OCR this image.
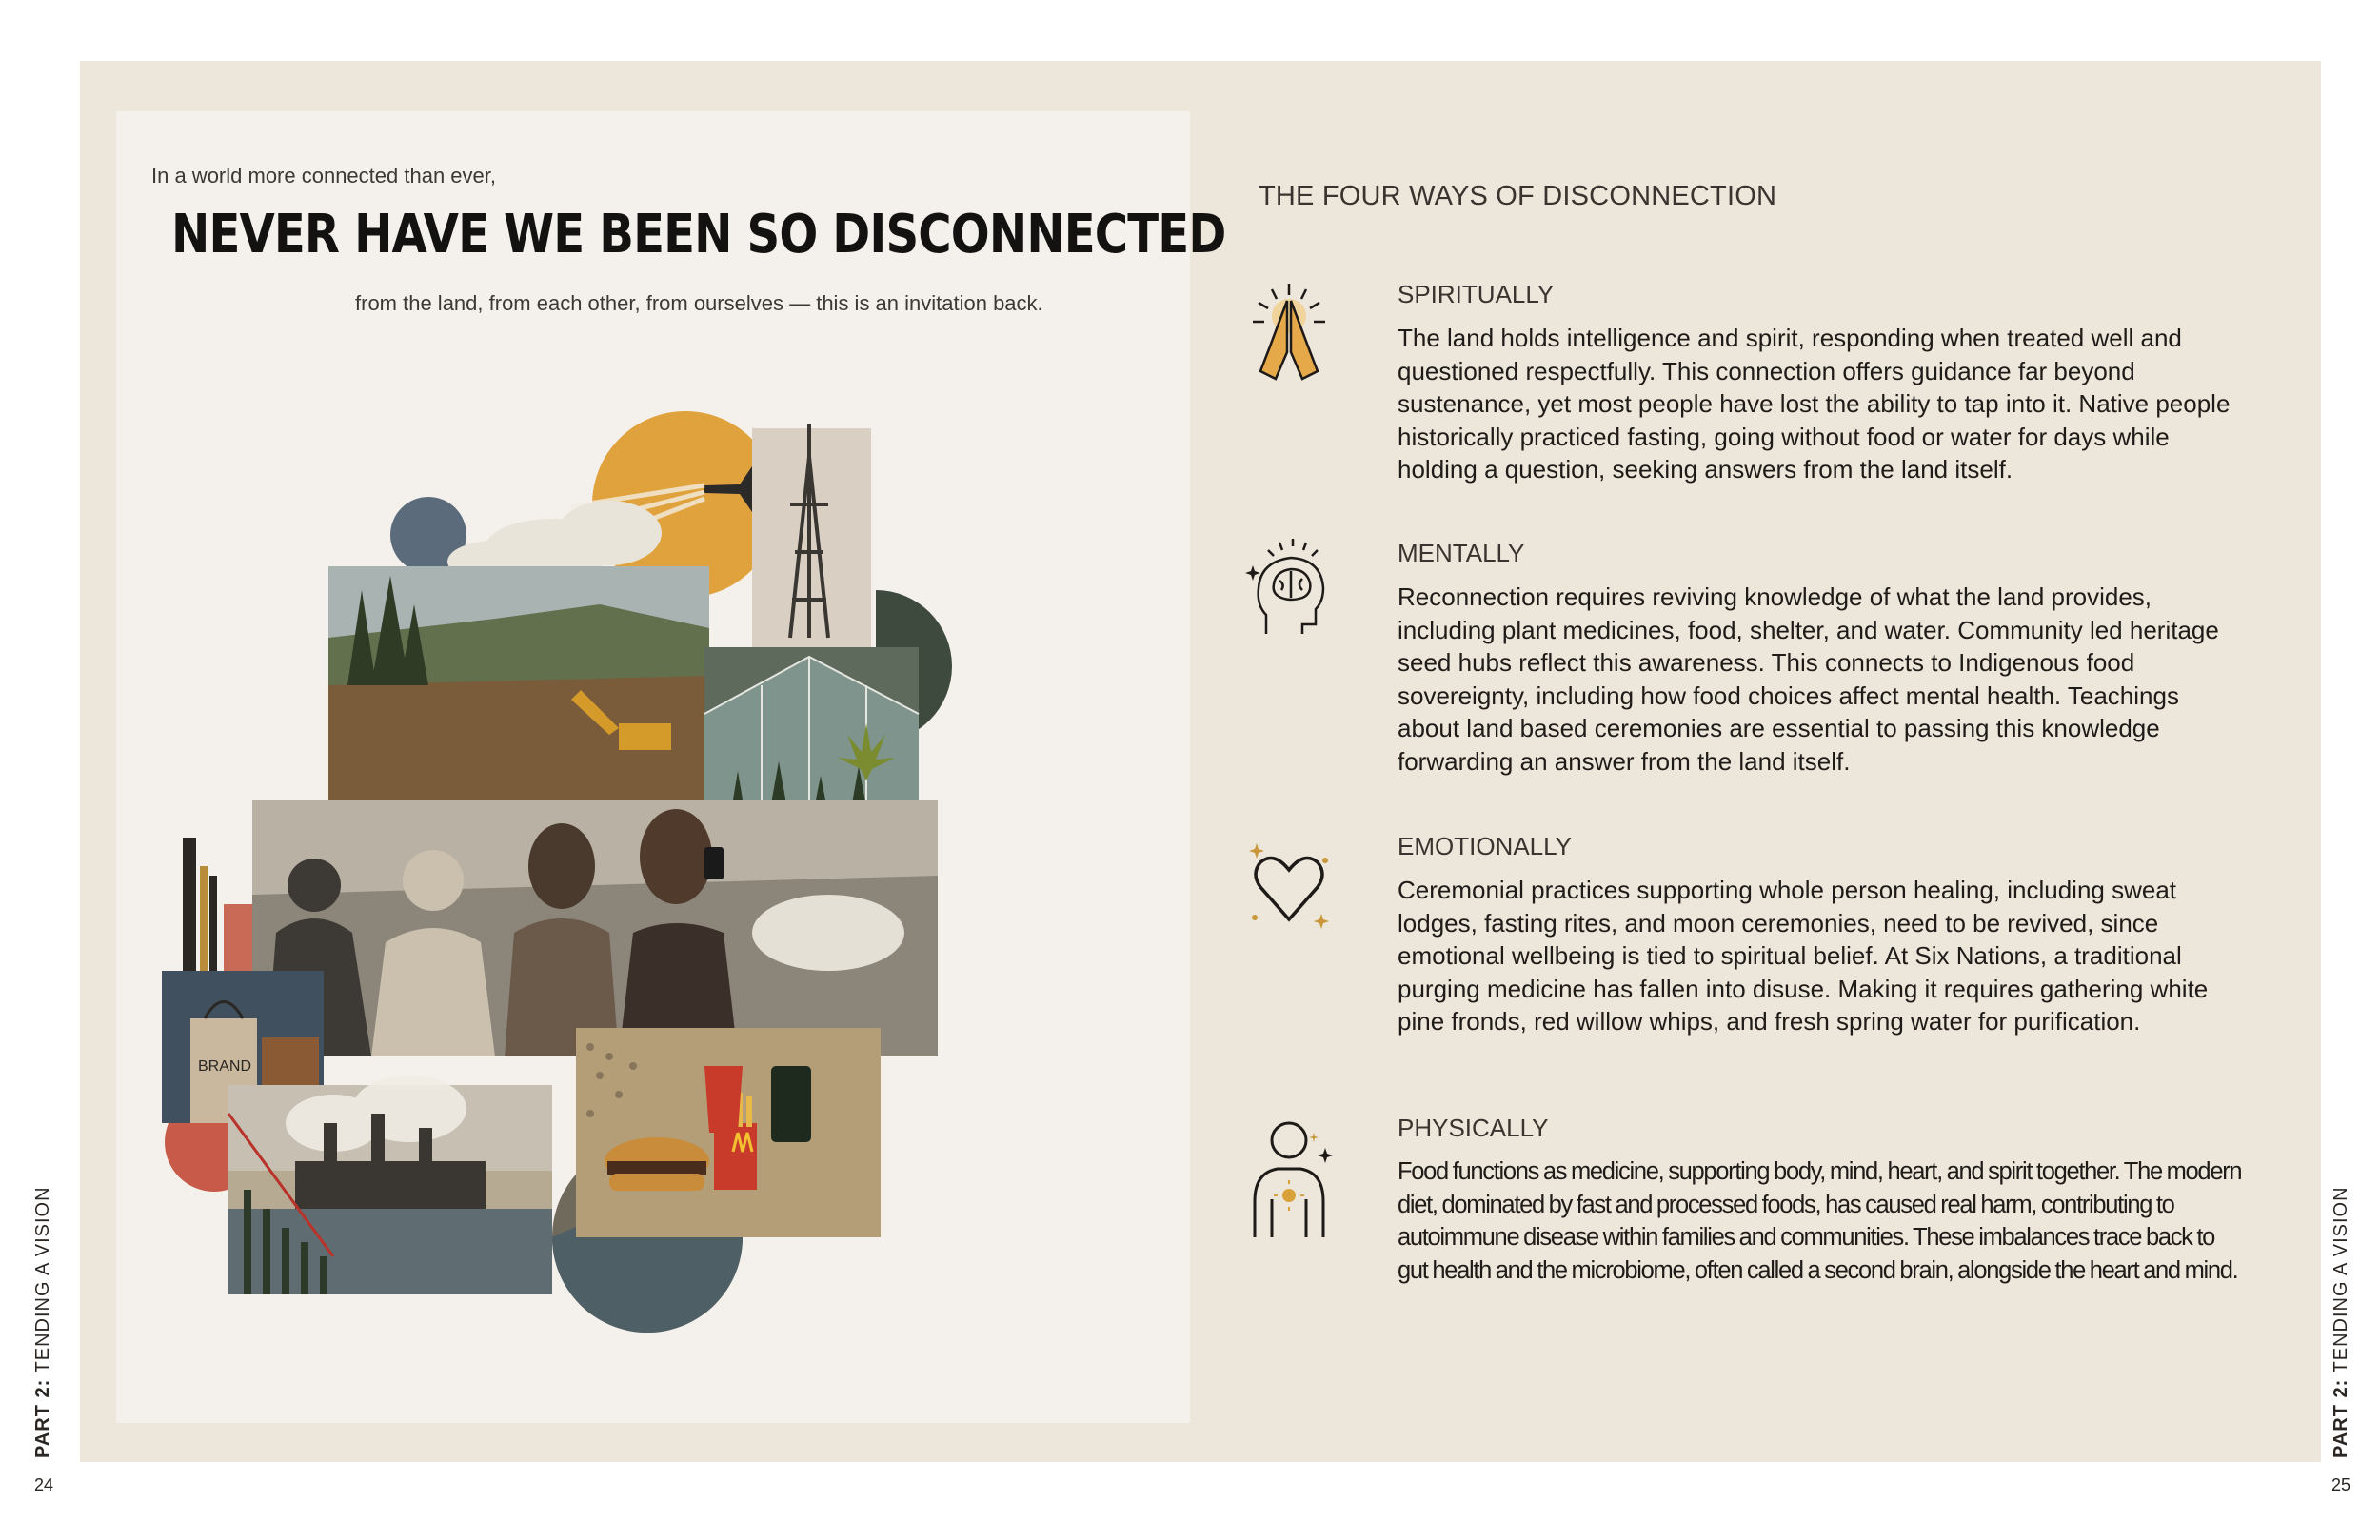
In a world more connected than ever,
NEVER HAVE WE BEEN SO DISCONNECTED
from the land, from each other, from ourselves — this is an invitation back.
BRAND
THE FOUR WAYS OF DISCONNECTION
SPIRITUALLY

The land holds intelligence and spirit, responding when treated well and questioned respectfully. This connection offers guidance far beyond sustenance, yet most people have lost the ability to tap into it. Native people historically practiced fasting, going without food or water for days while holding a question, seeking answers from the land itself.

MENTALLY

Reconnection requires reviving knowledge of what the land provides, including plant medicines, food, shelter, and water. Community led heritage seed hubs reflect this awareness. This connects to Indigenous food sovereignty, including how food choices affect mental health. Teachings about land based ceremonies are essential to passing this knowledge forwarding an answer from the land itself.

EMOTIONALLY

Ceremonial practices supporting whole person healing, including sweat lodges, fasting rites, and moon ceremonies, need to be revived, since emotional wellbeing is tied to spiritual belief. At Six Nations, a traditional purging medicine has fallen into disuse. Making it requires gathering white pine fronds, red willow whips, and fresh spring water for purification.

PHYSICALLY

Food functions as medicine, supporting body, mind, heart, and spirit together. The modern diet, dominated by fast and processed foods, has caused real harm, contributing to autoimmune disease within families and communities. These imbalances trace back to gut health and the microbiome, often called a second brain, alongside the heart and mind.

PART 2: TENDING A VISION
PART 2: TENDING A VISION
24	25
